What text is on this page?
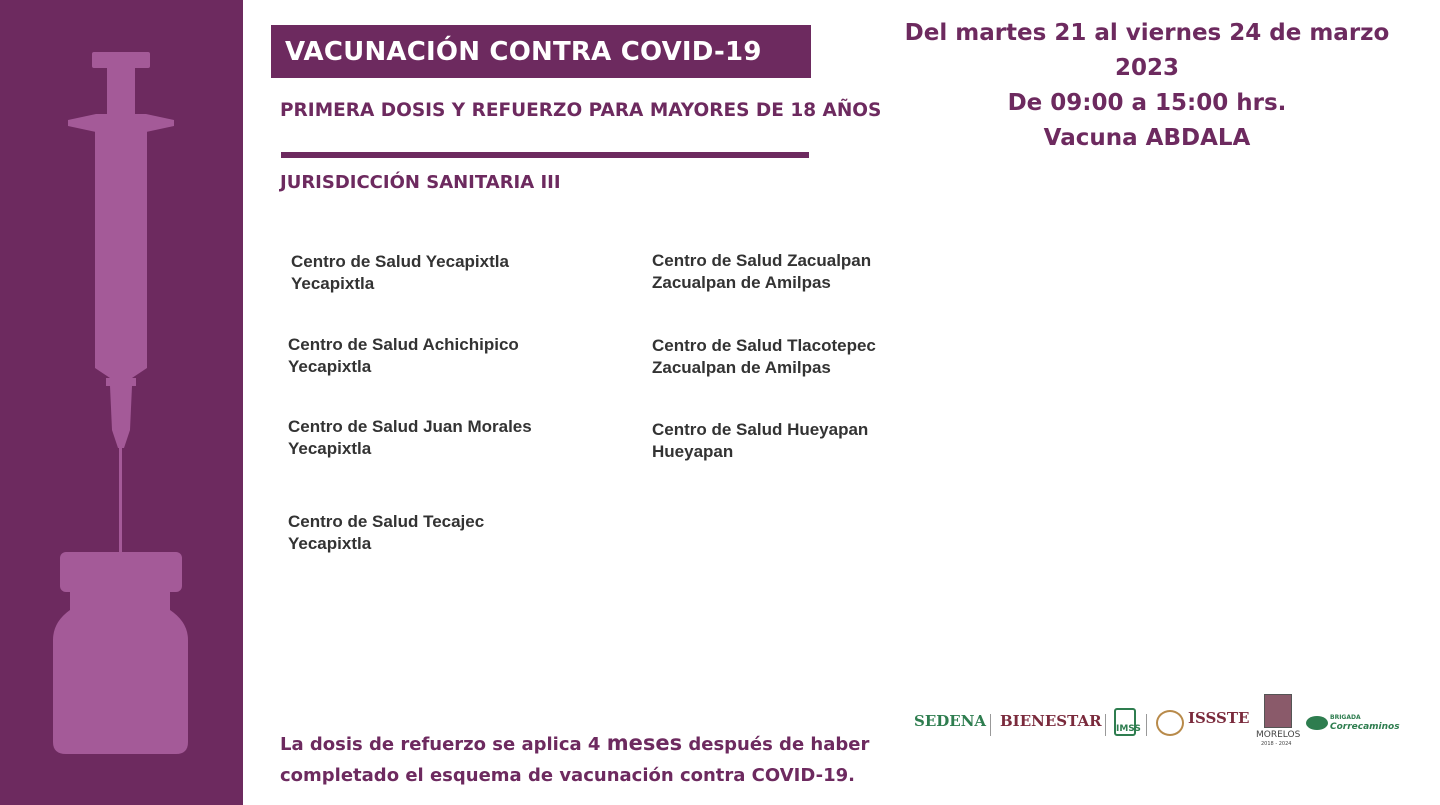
VACUNACIÓN CONTRA COVID-19
PRIMERA DOSIS Y REFUERZO PARA MAYORES DE 18 AÑOS
JURISDICCIÓN SANITARIA III
Del martes 21 al viernes 24 de marzo 2023
De 09:00 a 15:00 hrs.
Vacuna ABDALA
Centro de Salud Yecapixtla
Yecapixtla
Centro de Salud Achichipico
Yecapixtla
Centro de Salud Juan Morales
Yecapixtla
Centro de Salud Tecajec
Yecapixtla
Centro de Salud Zacualpan
Zacualpan de Amilpas
Centro de Salud Tlacotepec
Zacualpan de Amilpas
Centro de Salud Hueyapan
Hueyapan
La dosis de refuerzo se aplica 4 meses después de haber
completado el esquema de vacunación contra COVID-19.
SEDENA BIENESTAR IMSS
ISSSTE
MORELOS
2018 - 2024
BRIGADA
Correcaminos
